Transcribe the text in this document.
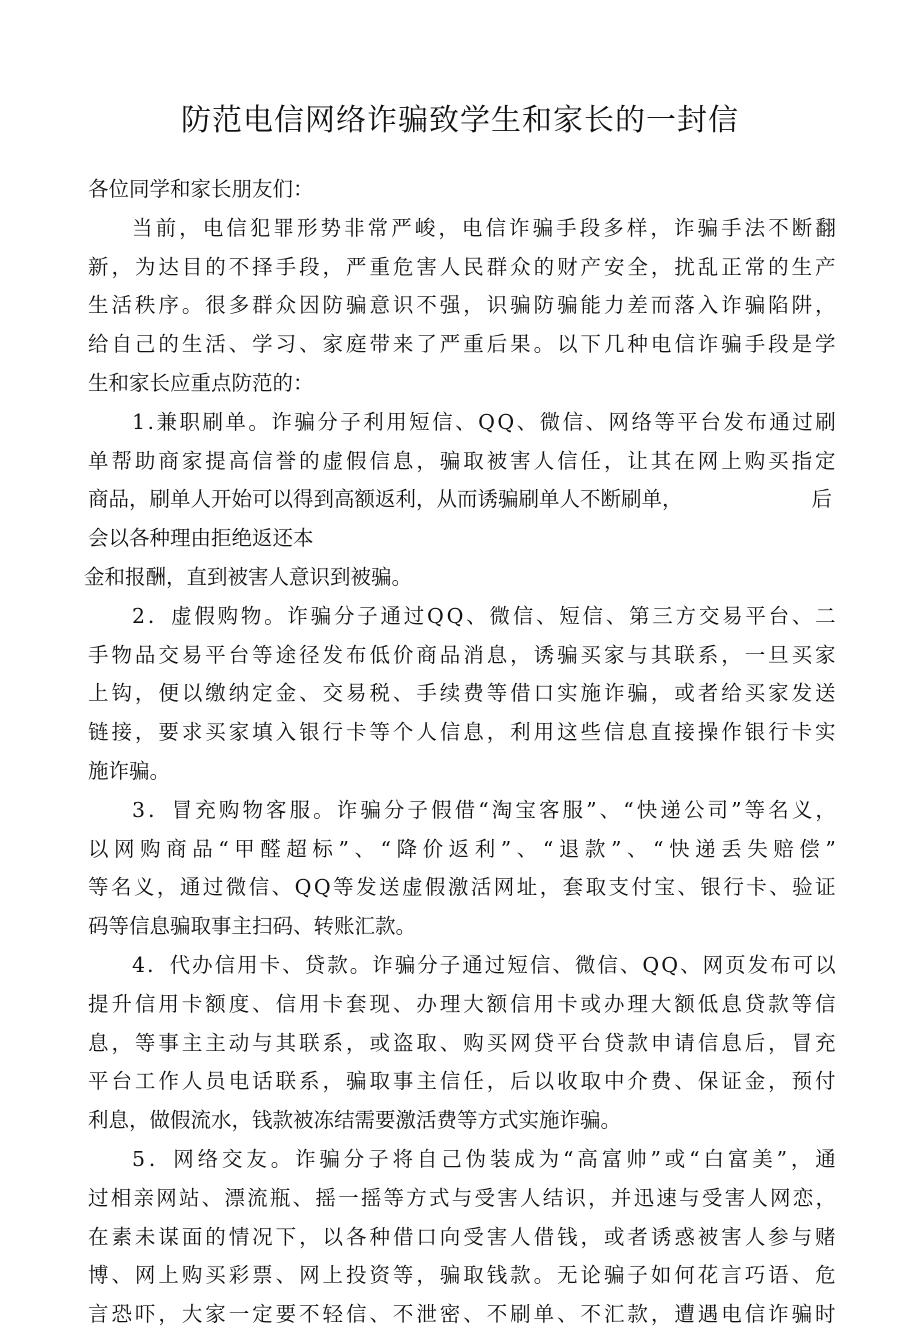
防范电信网络诈骗致学生和家长的一封信
各位同学和家长朋友们：
当 前 ， 电 信 犯 罪 形 势 非 常 严 峻 ， 电 信 诈 骗 手 段 多 样 ， 诈 骗 手 法 不 断 翻
新 ， 为 达 目 的 不 择 手 段 ， 严 重 危 害 人 民 群 众 的 财 产 安 全 ， 扰 乱 正 常 的 生 产
生 活 秩 序 。 很 多 群 众 因 防 骗 意 识 不 强 ， 识 骗 防 骗 能 力 差 而 落 入 诈 骗 陷 阱 ，
给 自 己 的 生 活 、 学 习 、 家 庭 带 来 了 严 重 后 果 。 以 下 几 种 电 信 诈 骗 手 段 是 学
生和家长应重点防范的：
1 . 兼 职 刷 单 。 诈 骗 分 子 利 用 短 信 、 Q Q 、 微 信 、 网 络 等 平 台 发 布 通 过 刷
单 帮 助 商 家 提 高 信 誉 的 虚 假 信 息 ， 骗 取 被 害 人 信 任 ， 让 其 在 网 上 购 买 指 定
商品，刷单人开始可以得到高额返利，从而诱骗刷单人不断刷单，	后
会以各种理由拒绝返还本
金和报酬，直到被害人意识到被骗。
2 ． 虚 假 购 物 。 诈 骗 分 子 通 过 Q Q 、 微 信 、 短 信 、 第 三 方 交 易 平 台 、 二
手 物 品 交 易 平 台 等 途 径 发 布 低 价 商 品 消 息 ， 诱 骗 买 家 与 其 联 系 ， 一 旦 买 家
上 钩 ， 便 以 缴 纳 定 金 、 交 易 税 、 手 续 费 等 借 口 实 施 诈 骗 ， 或 者 给 买 家 发 送
链 接 ， 要 求 买 家 填 入 银 行 卡 等 个 人 信 息 ， 利 用 这 些 信 息 直 接 操 作 银 行 卡 实
施诈骗。
3 ． 冒 充 购 物 客 服 。 诈 骗 分 子 假 借 “ 淘 宝 客 服 ” 、 “ 快 递 公 司 ” 等 名 义 ，
以 网 购 商 品 “ 甲 醛 超 标 ” 、 “ 降 价 返 利 ” 、 “ 退 款 ” 、 “ 快 递 丢 失 赔 偿 ”
等 名 义 ， 通 过 微 信 、 Q Q 等 发 送 虚 假 激 活 网 址 ， 套 取 支 付 宝 、 银 行 卡 、 验 证
码等信息骗取事主扫码、转账汇款。
4 ． 代 办 信 用 卡 、 贷 款 。 诈 骗 分 子 通 过 短 信 、 微 信 、 Q Q 、 网 页 发 布 可 以
提 升 信 用 卡 额 度 、 信 用 卡 套 现 、 办 理 大 额 信 用 卡 或 办 理 大 额 低 息 贷 款 等 信
息 ， 等 事 主 主 动 与 其 联 系 ， 或 盗 取 、 购 买 网 贷 平 台 贷 款 申 请 信 息 后 ， 冒 充
平 台 工 作 人 员 电 话 联 系 ， 骗 取 事 主 信 任 ， 后 以 收 取 中 介 费 、 保 证 金 ， 预 付
利息，做假流水，钱款被冻结需要激活费等方式实施诈骗。
5 ． 网 络 交 友 。 诈 骗 分 子 将 自 己 伪 装 成 为 “ 高 富 帅 ” 或 “ 白 富 美 ” ， 通
过 相 亲 网 站 、 漂 流 瓶 、 摇 一 摇 等 方 式 与 受 害 人 结 识 ， 并 迅 速 与 受 害 人 网 恋 ，
在 素 未 谋 面 的 情 况 下 ， 以 各 种 借 口 向 受 害 人 借 钱 ， 或 者 诱 惑 被 害 人 参 与 赌
博 、 网 上 购 买 彩 票 、 网 上 投 资 等 ， 骗 取 钱 款 。 无 论 骗 子 如 何 花 言 巧 语 、 危
言 恐 吓 ， 大 家 一 定 要 不 轻 信 、 不 泄 密 、 不 刷 单 、 不 汇 款 ， 遭 遇 电 信 诈 骗 时
